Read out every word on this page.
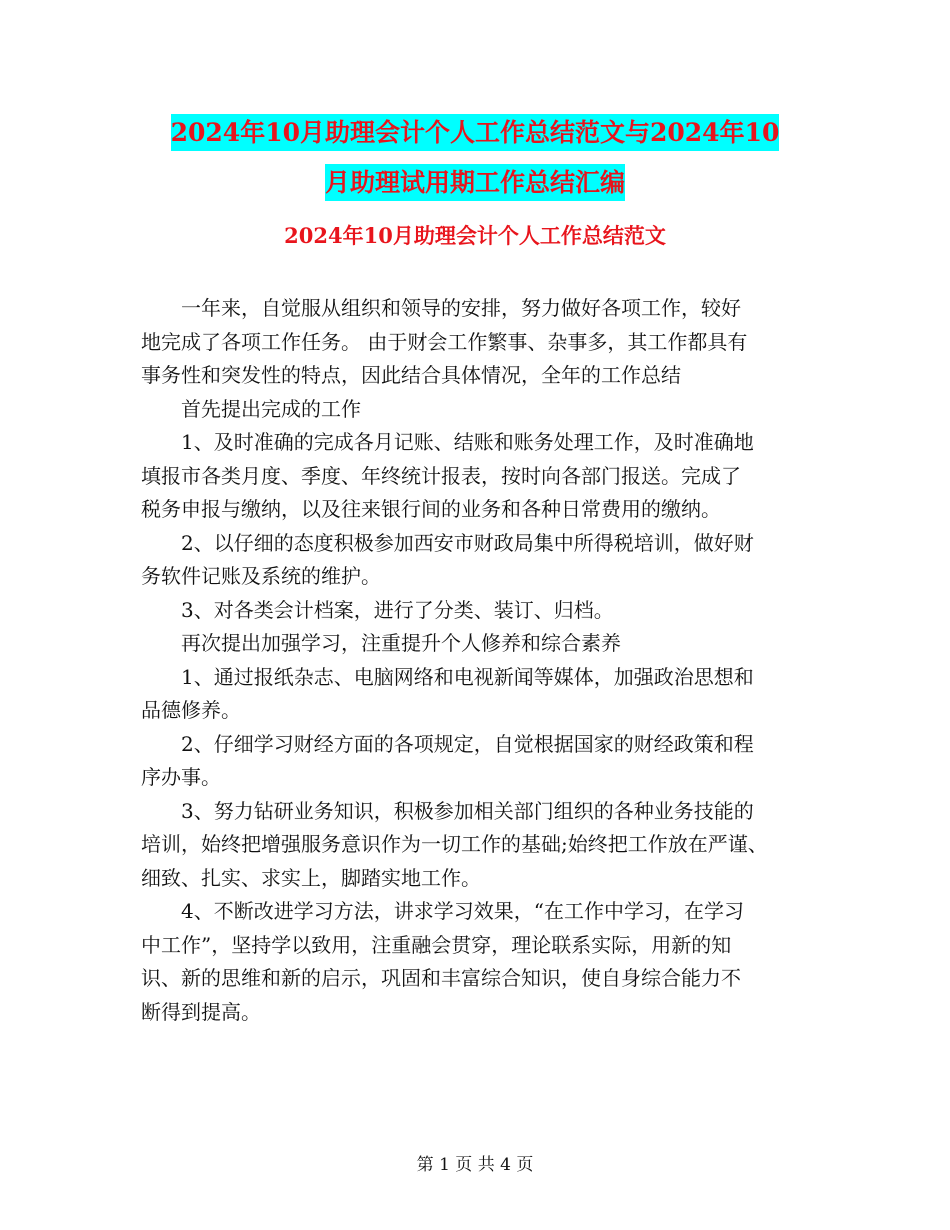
2024年10月助理会计个人工作总结范文与2024年10
月助理试用期工作总结汇编
2024年10月助理会计个人工作总结范文
一年来，自觉服从组织和领导的安排，努力做好各项工作，较好
地完成了各项工作任务。 由于财会工作繁事、杂事多，其工作都具有
事务性和突发性的特点，因此结合具体情况，全年的工作总结
首先提出完成的工作
1、及时准确的完成各月记账、结账和账务处理工作，及时准确地
填报市各类月度、季度、年终统计报表，按时向各部门报送。完成了
税务申报与缴纳，以及往来银行间的业务和各种日常费用的缴纳。
2、以仔细的态度积极参加西安市财政局集中所得税培训，做好财
务软件记账及系统的维护。
3、对各类会计档案，进行了分类、装订、归档。
再次提出加强学习，注重提升个人修养和综合素养
1、通过报纸杂志、电脑网络和电视新闻等媒体，加强政治思想和
品德修养。
2、仔细学习财经方面的各项规定，自觉根据国家的财经政策和程
序办事。
3、努力钻研业务知识，积极参加相关部门组织的各种业务技能的
培训，始终把增强服务意识作为一切工作的基础;始终把工作放在严谨、
细致、扎实、求实上，脚踏实地工作。
4、不断改进学习方法，讲求学习效果，“在工作中学习，在学习
中工作”，坚持学以致用，注重融会贯穿，理论联系实际，用新的知
识、新的思维和新的启示，巩固和丰富综合知识，使自身综合能力不
断得到提高。
第 1 页 共 4 页
